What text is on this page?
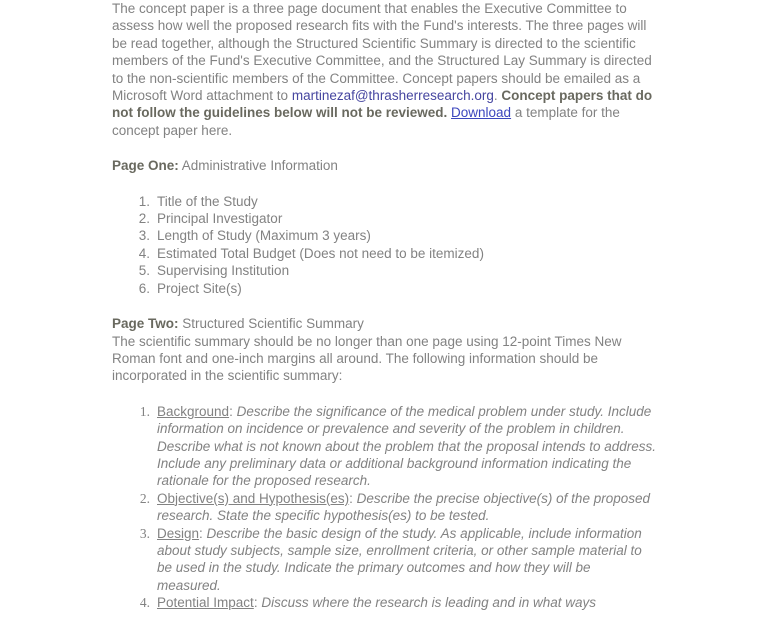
The concept paper is a three page document that enables the Executive Committee to assess how well the proposed research fits with the Fund's interests. The three pages will be read together, although the Structured Scientific Summary is directed to the scientific members of the Fund's Executive Committee, and the Structured Lay Summary is directed to the non-scientific members of the Committee. Concept papers should be emailed as a Microsoft Word attachment to martinezaf@thrasherresearch.org. Concept papers that do not follow the guidelines below will not be reviewed. Download a template for the concept paper here.

Page One: Administrative Information

1. Title of the Study
2. Principal Investigator
3. Length of Study (Maximum 3 years)
4. Estimated Total Budget (Does not need to be itemized)
5. Supervising Institution
6. Project Site(s)
Page Two: Structured Scientific Summary
The scientific summary should be no longer than one page using 12-point Times New Roman font and one-inch margins all around. The following information should be incorporated in the scientific summary:
1. Background: Describe the significance of the medical problem under study. Include information on incidence or prevalence and severity of the problem in children. Describe what is not known about the problem that the proposal intends to address. Include any preliminary data or additional background information indicating the rationale for the proposed research.
2. Objective(s) and Hypothesis(es): Describe the precise objective(s) of the proposed research. State the specific hypothesis(es) to be tested.
3. Design: Describe the basic design of the study. As applicable, include information about study subjects, sample size, enrollment criteria, or other sample material to be used in the study. Indicate the primary outcomes and how they will be measured.
4. Potential Impact: Discuss where the research is leading and in what ways
